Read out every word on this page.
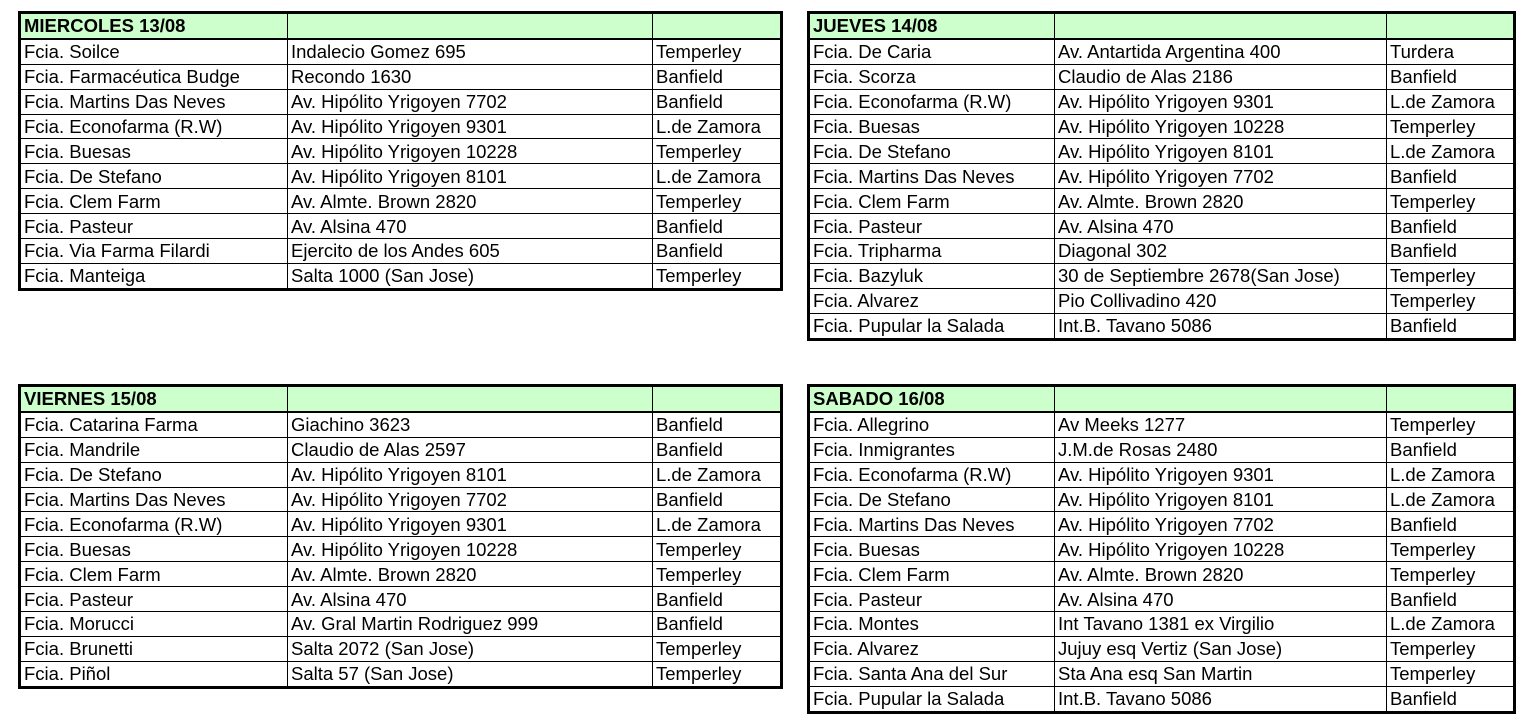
MIERCOLES 13/08		
Fcia. Soilce	Indalecio Gomez 695	Temperley
Fcia. Farmacéutica Budge	Recondo 1630	Banfield
Fcia. Martins Das Neves	Av. Hipólito Yrigoyen 7702	Banfield
Fcia. Econofarma (R.W)	Av. Hipólito Yrigoyen 9301	L.de Zamora
Fcia. Buesas	Av. Hipólito Yrigoyen 10228	Temperley
Fcia. De Stefano	Av. Hipólito Yrigoyen 8101	L.de Zamora
Fcia. Clem Farm	Av. Almte. Brown 2820	Temperley
Fcia. Pasteur	Av. Alsina 470	Banfield
Fcia. Via Farma Filardi	Ejercito de los Andes 605	Banfield
Fcia. Manteiga	Salta 1000 (San Jose)	Temperley
JUEVES 14/08		
Fcia. De Caria	Av. Antartida Argentina 400	Turdera
Fcia. Scorza	Claudio de Alas 2186	Banfield
Fcia. Econofarma (R.W)	Av. Hipólito Yrigoyen 9301	L.de Zamora
Fcia. Buesas	Av. Hipólito Yrigoyen 10228	Temperley
Fcia. De Stefano	Av. Hipólito Yrigoyen 8101	L.de Zamora
Fcia. Martins Das Neves	Av. Hipólito Yrigoyen 7702	Banfield
Fcia. Clem Farm	Av. Almte. Brown 2820	Temperley
Fcia. Pasteur	Av. Alsina 470	Banfield
Fcia. Tripharma	Diagonal 302	Banfield
Fcia. Bazyluk	30 de Septiembre 2678(San Jose)	Temperley
Fcia. Alvarez	Pio Collivadino 420	Temperley
Fcia. Pupular la Salada	Int.B. Tavano 5086	Banfield
VIERNES 15/08		
Fcia. Catarina Farma	Giachino 3623	Banfield
Fcia. Mandrile	Claudio de Alas 2597	Banfield
Fcia. De Stefano	Av. Hipólito Yrigoyen 8101	L.de Zamora
Fcia. Martins Das Neves	Av. Hipólito Yrigoyen 7702	Banfield
Fcia. Econofarma (R.W)	Av. Hipólito Yrigoyen 9301	L.de Zamora
Fcia. Buesas	Av. Hipólito Yrigoyen 10228	Temperley
Fcia. Clem Farm	Av. Almte. Brown 2820	Temperley
Fcia. Pasteur	Av. Alsina 470	Banfield
Fcia. Morucci	Av. Gral Martin Rodriguez 999	Banfield
Fcia. Brunetti	Salta 2072 (San Jose)	Temperley
Fcia. Piñol	Salta 57 (San Jose)	Temperley
SABADO 16/08		
Fcia. Allegrino	Av Meeks 1277	Temperley
Fcia. Inmigrantes	J.M.de Rosas 2480	Banfield
Fcia. Econofarma (R.W)	Av. Hipólito Yrigoyen 9301	L.de Zamora
Fcia. De Stefano	Av. Hipólito Yrigoyen 8101	L.de Zamora
Fcia. Martins Das Neves	Av. Hipólito Yrigoyen 7702	Banfield
Fcia. Buesas	Av. Hipólito Yrigoyen 10228	Temperley
Fcia. Clem Farm	Av. Almte. Brown 2820	Temperley
Fcia. Pasteur	Av. Alsina 470	Banfield
Fcia. Montes	Int Tavano 1381 ex Virgilio	L.de Zamora
Fcia. Alvarez	Jujuy esq Vertiz (San Jose)	Temperley
Fcia. Santa Ana del Sur	Sta Ana esq San Martin	Temperley
Fcia. Pupular la Salada	Int.B. Tavano 5086	Banfield
